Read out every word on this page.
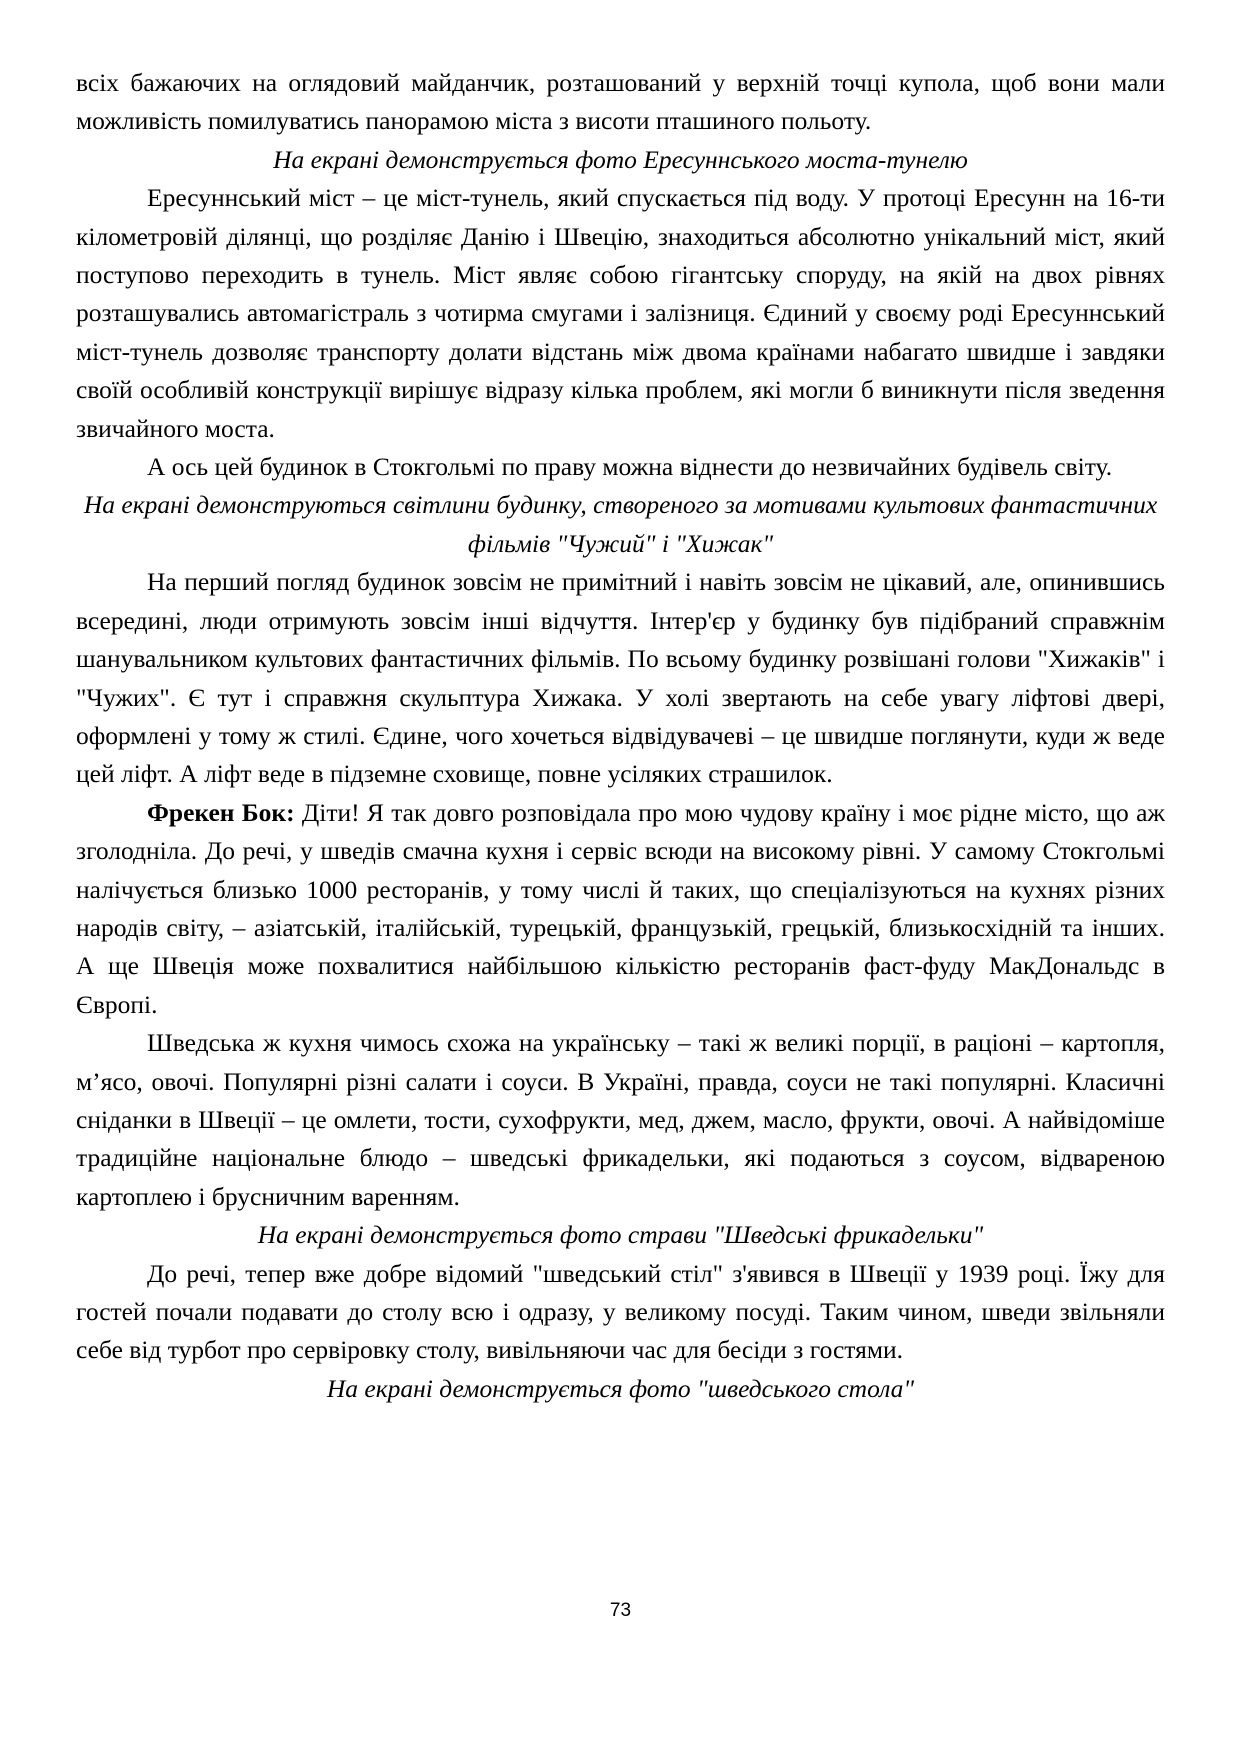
всіх бажаючих на оглядовий майданчик, розташований у верхній точці купола, щоб вони мали можливість помилуватись панорамою міста з висоти пташиного польоту.

На екрані демонструється фото Ересуннського моста-тунелю

Ересуннський міст – це міст-тунель, який спускається під воду. У протоці Ересунн на 16-ти кілометровій ділянці, що розділяє Данію і Швецію, знаходиться абсолютно унікальний міст, який поступово переходить в тунель. Міст являє собою гігантську споруду, на якій на двох рівнях розташувались автомагістраль з чотирма смугами і залізниця. Єдиний у своєму роді Ересуннський міст-тунель дозволяє транспорту долати відстань між двома країнами набагато швидше і завдяки своїй особливій конструкції вирішує відразу кілька проблем, які могли б виникнути після зведення звичайного моста.

А ось цей будинок в Стокгольмі по праву можна віднести до незвичайних будівель світу.

На екрані демонструються світлини будинку, створеного за мотивами культових фантастичних фільмів "Чужий" і "Хижак"

На перший погляд будинок зовсім не примітний і навіть зовсім не цікавий, але, опинившись всередині, люди отримують зовсім інші відчуття. Інтер'єр у будинку був підібраний справжнім шанувальником культових фантастичних фільмів. По всьому будинку розвішані голови "Хижаків" і "Чужих". Є тут і справжня скульптура Хижака. У холі звертають на себе увагу ліфтові двері, оформлені у тому ж стилі. Єдине, чого хочеться відвідувачеві – це швидше поглянути, куди ж веде цей ліфт. А ліфт веде в підземне сховище, повне усіляких страшилок.

Фрекен Бок: Діти! Я так довго розповідала про мою чудову країну і моє рідне місто, що аж зголодніла. До речі, у шведів смачна кухня і сервіс всюди на високому рівні. У самому Стокгольмі налічується близько 1000 ресторанів, у тому числі й таких, що спеціалізуються на кухнях різних народів світу, – азіатській, італійській, турецькій, французькій, грецькій, близькосхідній та інших. А ще Швеція може похвалитися найбільшою кількістю ресторанів фаст-фуду МакДональдс в Європі.

Шведська ж кухня чимось схожа на українську – такі ж великі порції, в раціоні – картопля, м’ясо, овочі. Популярні різні салати і соуси. В Україні, правда, соуси не такі популярні. Класичні сніданки в Швеції – це омлети, тости, сухофрукти, мед, джем, масло, фрукти, овочі. А найвідоміше традиційне національне блюдо – шведські фрикадельки, які подаються з соусом, відвареною картоплею і брусничним варенням.

На екрані демонструється фото страви "Шведські фрикадельки"

До речі, тепер вже добре відомий "шведський стіл" з'явився в Швеції у 1939 році. Їжу для гостей почали подавати до столу всю і одразу, у великому посуді. Таким чином, шведи звільняли себе від турбот про сервіровку столу, вивільняючи час для бесіди з гостями.

На екрані демонструється фото "шведського стола"

73
